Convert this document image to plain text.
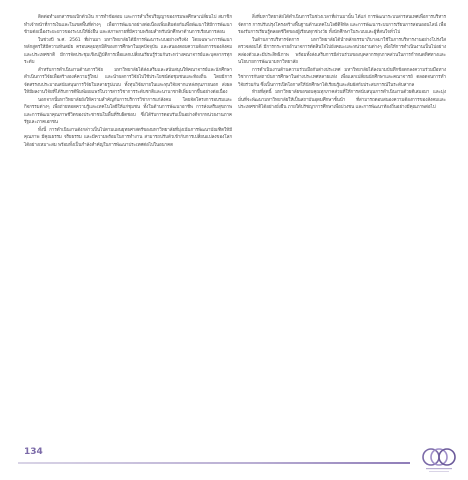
ติดต่อทำเอกสารขอเบิกตัวเงิน การทำข้อสอบ และการสำเร็จปริญญาของกรมพลศึกษาเปลี่ยนไป สมาชิกทำเจ้าหน้าที่การเงินและในเขตพื้นที่ต่างๆ เพื่อการพัฒนาอย่างต่อเนื่องเพิ่มเติมต่อกันเพื่อพัฒนาให้มีการพัฒนาข้ามต่อเนื่องระยะยาวของระบบให้ยั่งยืน และสภาพกายที่มีความพร้อมสำหรับนักศึกษาด้านการเรียนการสอน

ในช่วงปี พ.ศ. 2561 ที่ผ่านมา มหาวิทยาลัยได้มีการพัฒนาระบบอย่างจริงจัง โดยเฉพาะการพัฒนาหลักสูตรให้มีความทันสมัย ครอบคลุมทุกมิติของการศึกษาในยุคปัจจุบัน และสนองตอบความต้องการของสังคมและประเทศชาติ มีการจัดประชุมเชิงปฏิบัติการเพื่อแลกเปลี่ยนเรียนรู้ร่วมกันระหว่างคณาจารย์และบุคลากรทุกระดับ

สำหรับการดำเนินงานด้านการวิจัย มหาวิทยาลัยได้ส่งเสริมและสนับสนุนให้คณาจารย์และนักศึกษาดำเนินการวิจัยเพื่อสร้างองค์ความรู้ใหม่ และนำผลการวิจัยไปใช้ประโยชน์ต่อชุมชนและท้องถิ่น โดยมีการจัดสรรงบประมาณสนับสนุนการวิจัยในหลายรูปแบบ ทั้งทุนวิจัยภายในและทุนวิจัยจากแหล่งทุนภายนอก ส่งผลให้มีผลงานวิจัยที่ได้รับการตีพิมพ์เผยแพร่ในวารสารวิชาการระดับชาติและนานาชาติเพิ่มมากขึ้นอย่างต่อเนื่อง

นอกจากนี้มหาวิทยาลัยยังให้ความสำคัญกับการบริการวิชาการแก่สังคม โดยจัดโครงการอบรมและกิจกรรมต่างๆ เพื่อถ่ายทอดความรู้และเทคโนโลยีให้แก่ชุมชน ทั้งในด้านการพัฒนาอาชีพ การส่งเสริมสุขภาพ และการพัฒนาคุณภาพชีวิตของประชาชนในพื้นที่รับผิดชอบ ซึ่งได้รับการตอบรับเป็นอย่างดีจากหน่วยงานภาครัฐและภาคเอกชน

ทั้งนี้ การดำเนินงานดังกล่าวเป็นไปตามแผนยุทธศาสตร์ของมหาวิทยาลัยที่มุ่งเน้นการพัฒนาบัณฑิตให้มีคุณภาพ มีคุณธรรม จริยธรรม และมีความพร้อมในการทำงาน สามารถปรับตัวเข้ากับการเปลี่ยนแปลงของโลกได้อย่างเหมาะสม พร้อมทั้งเป็นกำลังสำคัญในการพัฒนาประเทศต่อไปในอนาคต

สิ่งที่มหาวิทยาลัยได้ดำเนินการในช่วงเวลาที่ผ่านมานั้น ได้แก่ การพัฒนาระบบสารสนเทศเพื่อการบริหารจัดการ การปรับปรุงโครงสร้างพื้นฐานด้านเทคโนโลยีดิจิทัล และการพัฒนาระบบการเรียนการสอนออนไลน์ เพื่อรองรับการเรียนรู้ตลอดชีวิตของผู้เรียนทุกช่วงวัย ทั้งนักศึกษาในระบบและผู้ที่สนใจทั่วไป

ในด้านการบริหารจัดการ มหาวิทยาลัยได้นำหลักธรรมาภิบาลมาใช้ในการบริหารงานอย่างโปร่งใส ตรวจสอบได้ มีการกระจายอำนาจการตัดสินใจไปยังคณะและหน่วยงานต่างๆ เพื่อให้การดำเนินงานเป็นไปอย่างคล่องตัวและมีประสิทธิภาพ พร้อมทั้งส่งเสริมการมีส่วนร่วมของบุคลากรทุกภาคส่วนในการกำหนดทิศทางและนโยบายการพัฒนามหาวิทยาลัย

การดำเนินงานด้านความร่วมมือกับต่างประเทศ มหาวิทยาลัยได้ลงนามบันทึกข้อตกลงความร่วมมือทางวิชาการกับสถาบันการศึกษาในต่างประเทศหลายแห่ง เพื่อแลกเปลี่ยนนักศึกษาและคณาจารย์ ตลอดจนการทำวิจัยร่วมกัน ซึ่งเป็นการเปิดโอกาสให้นักศึกษาได้เรียนรู้และสัมผัสกับประสบการณ์ในระดับสากล

ท้ายที่สุดนี้ มหาวิทยาลัยขอขอบคุณทุกภาคส่วนที่ให้การสนับสนุนการดำเนินงานด้วยดีเสมอมา และมุ่งมั่นที่จะพัฒนามหาวิทยาลัยให้เป็นสถาบันอุดมศึกษาชั้นนำ ที่สามารถตอบสนองความต้องการของสังคมและประเทศชาติได้อย่างยั่งยืน ภายใต้ปรัชญาการศึกษาเพื่อปวงชน และการพัฒนาท้องถิ่นอย่างมีคุณภาพต่อไป

134
